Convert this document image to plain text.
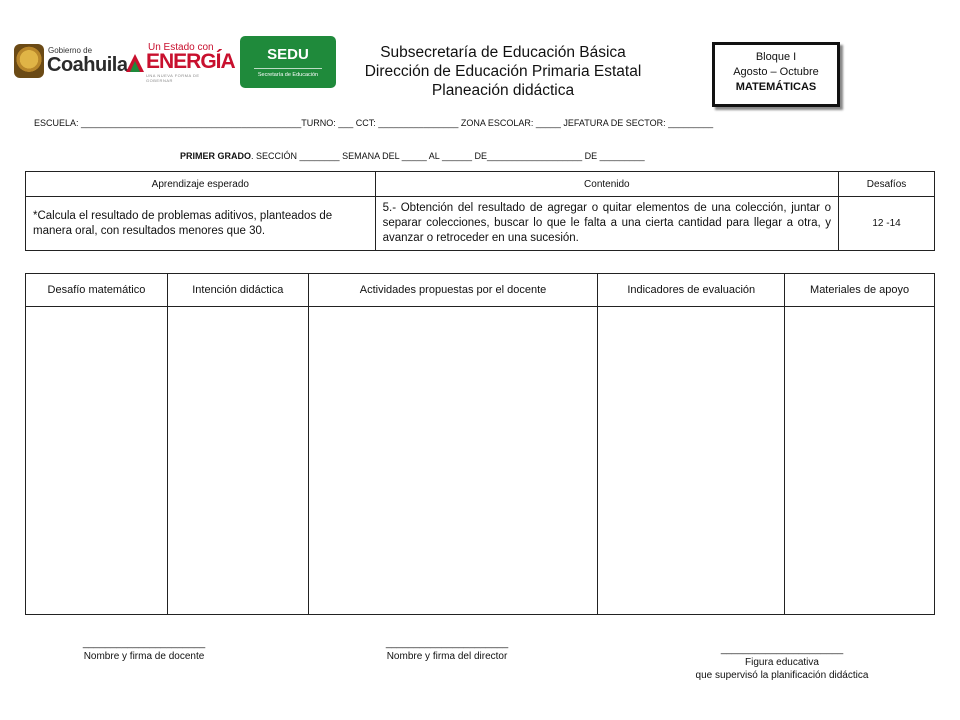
Gobierno de
Coahuila
Un Estado con
ENERGÍA
UNA NUEVA FORMA DE GOBERNAR
SEDU
Secretaría de Educación
Subsecretaría de Educación Básica
Dirección de Educación Primaria Estatal
Planeación didáctica
Bloque I
Agosto – Octubre
MATEMÁTICAS
ESCUELA: ____________________________________________TURNO: ___ CCT: ________________ ZONA ESCOLAR: _____ JEFATURA DE SECTOR: _________
PRIMER GRADO. SECCIÓN ________ SEMANA DEL _____ AL ______ DE___________________ DE _________
Aprendizaje esperado	Contenido	Desafíos
*Calcula el resultado de problemas aditivos, planteados de manera oral, con resultados menores que 30.	5.- Obtención del resultado de agregar o quitar elementos de una colección, juntar o separar colecciones, buscar lo que le falta a una cierta cantidad para llegar a otra, y avanzar o retroceder en una sucesión.	12 -14
Desafío matemático	Intención didáctica	Actividades propuestas por el docente	Indicadores de evaluación	Materiales de apoyo

______________________
Nombre y firma de docente
______________________
Nombre y firma del director
______________________
Figura educativa
que supervisó la planificación didáctica
